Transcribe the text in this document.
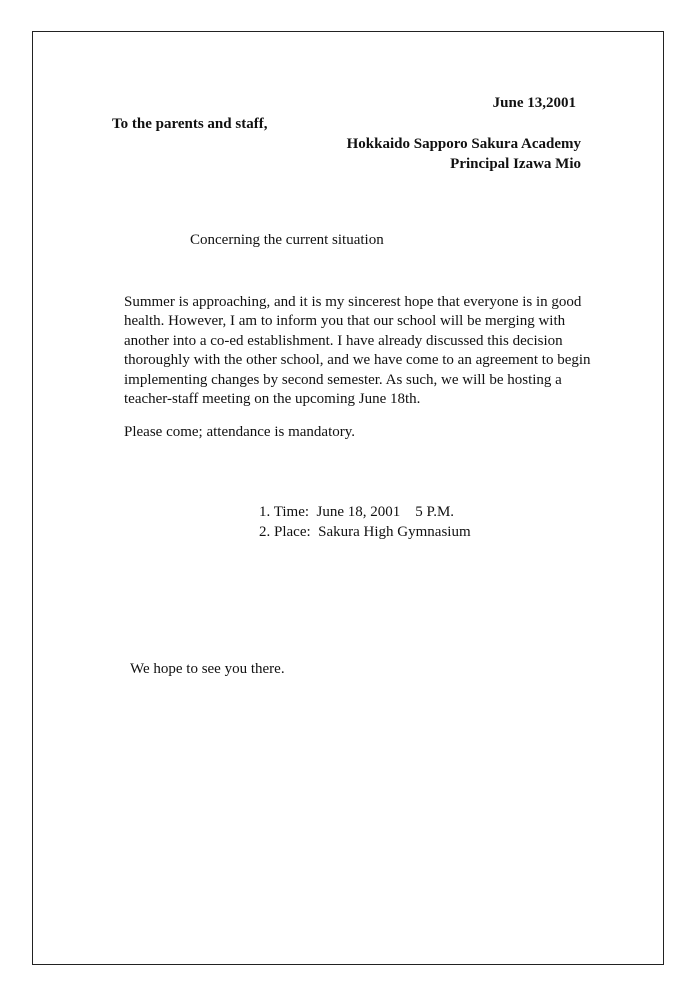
June 13,2001
To the parents and staff,
Hokkaido Sapporo Sakura Academy
Principal Izawa Mio
Concerning the current situation
Summer is approaching, and it is my sincerest hope that everyone is in good health. However, I am to inform you that our school will be merging with another into a co-ed establishment. I have already discussed this decision thoroughly with the other school, and we have come to an agreement to begin implementing changes by second semester. As such, we will be hosting a teacher-staff meeting on the upcoming June 18th.
Please come; attendance is mandatory.
1. Time:  June 18, 2001    5 P.M.
2. Place:  Sakura High Gymnasium
We hope to see you there.
